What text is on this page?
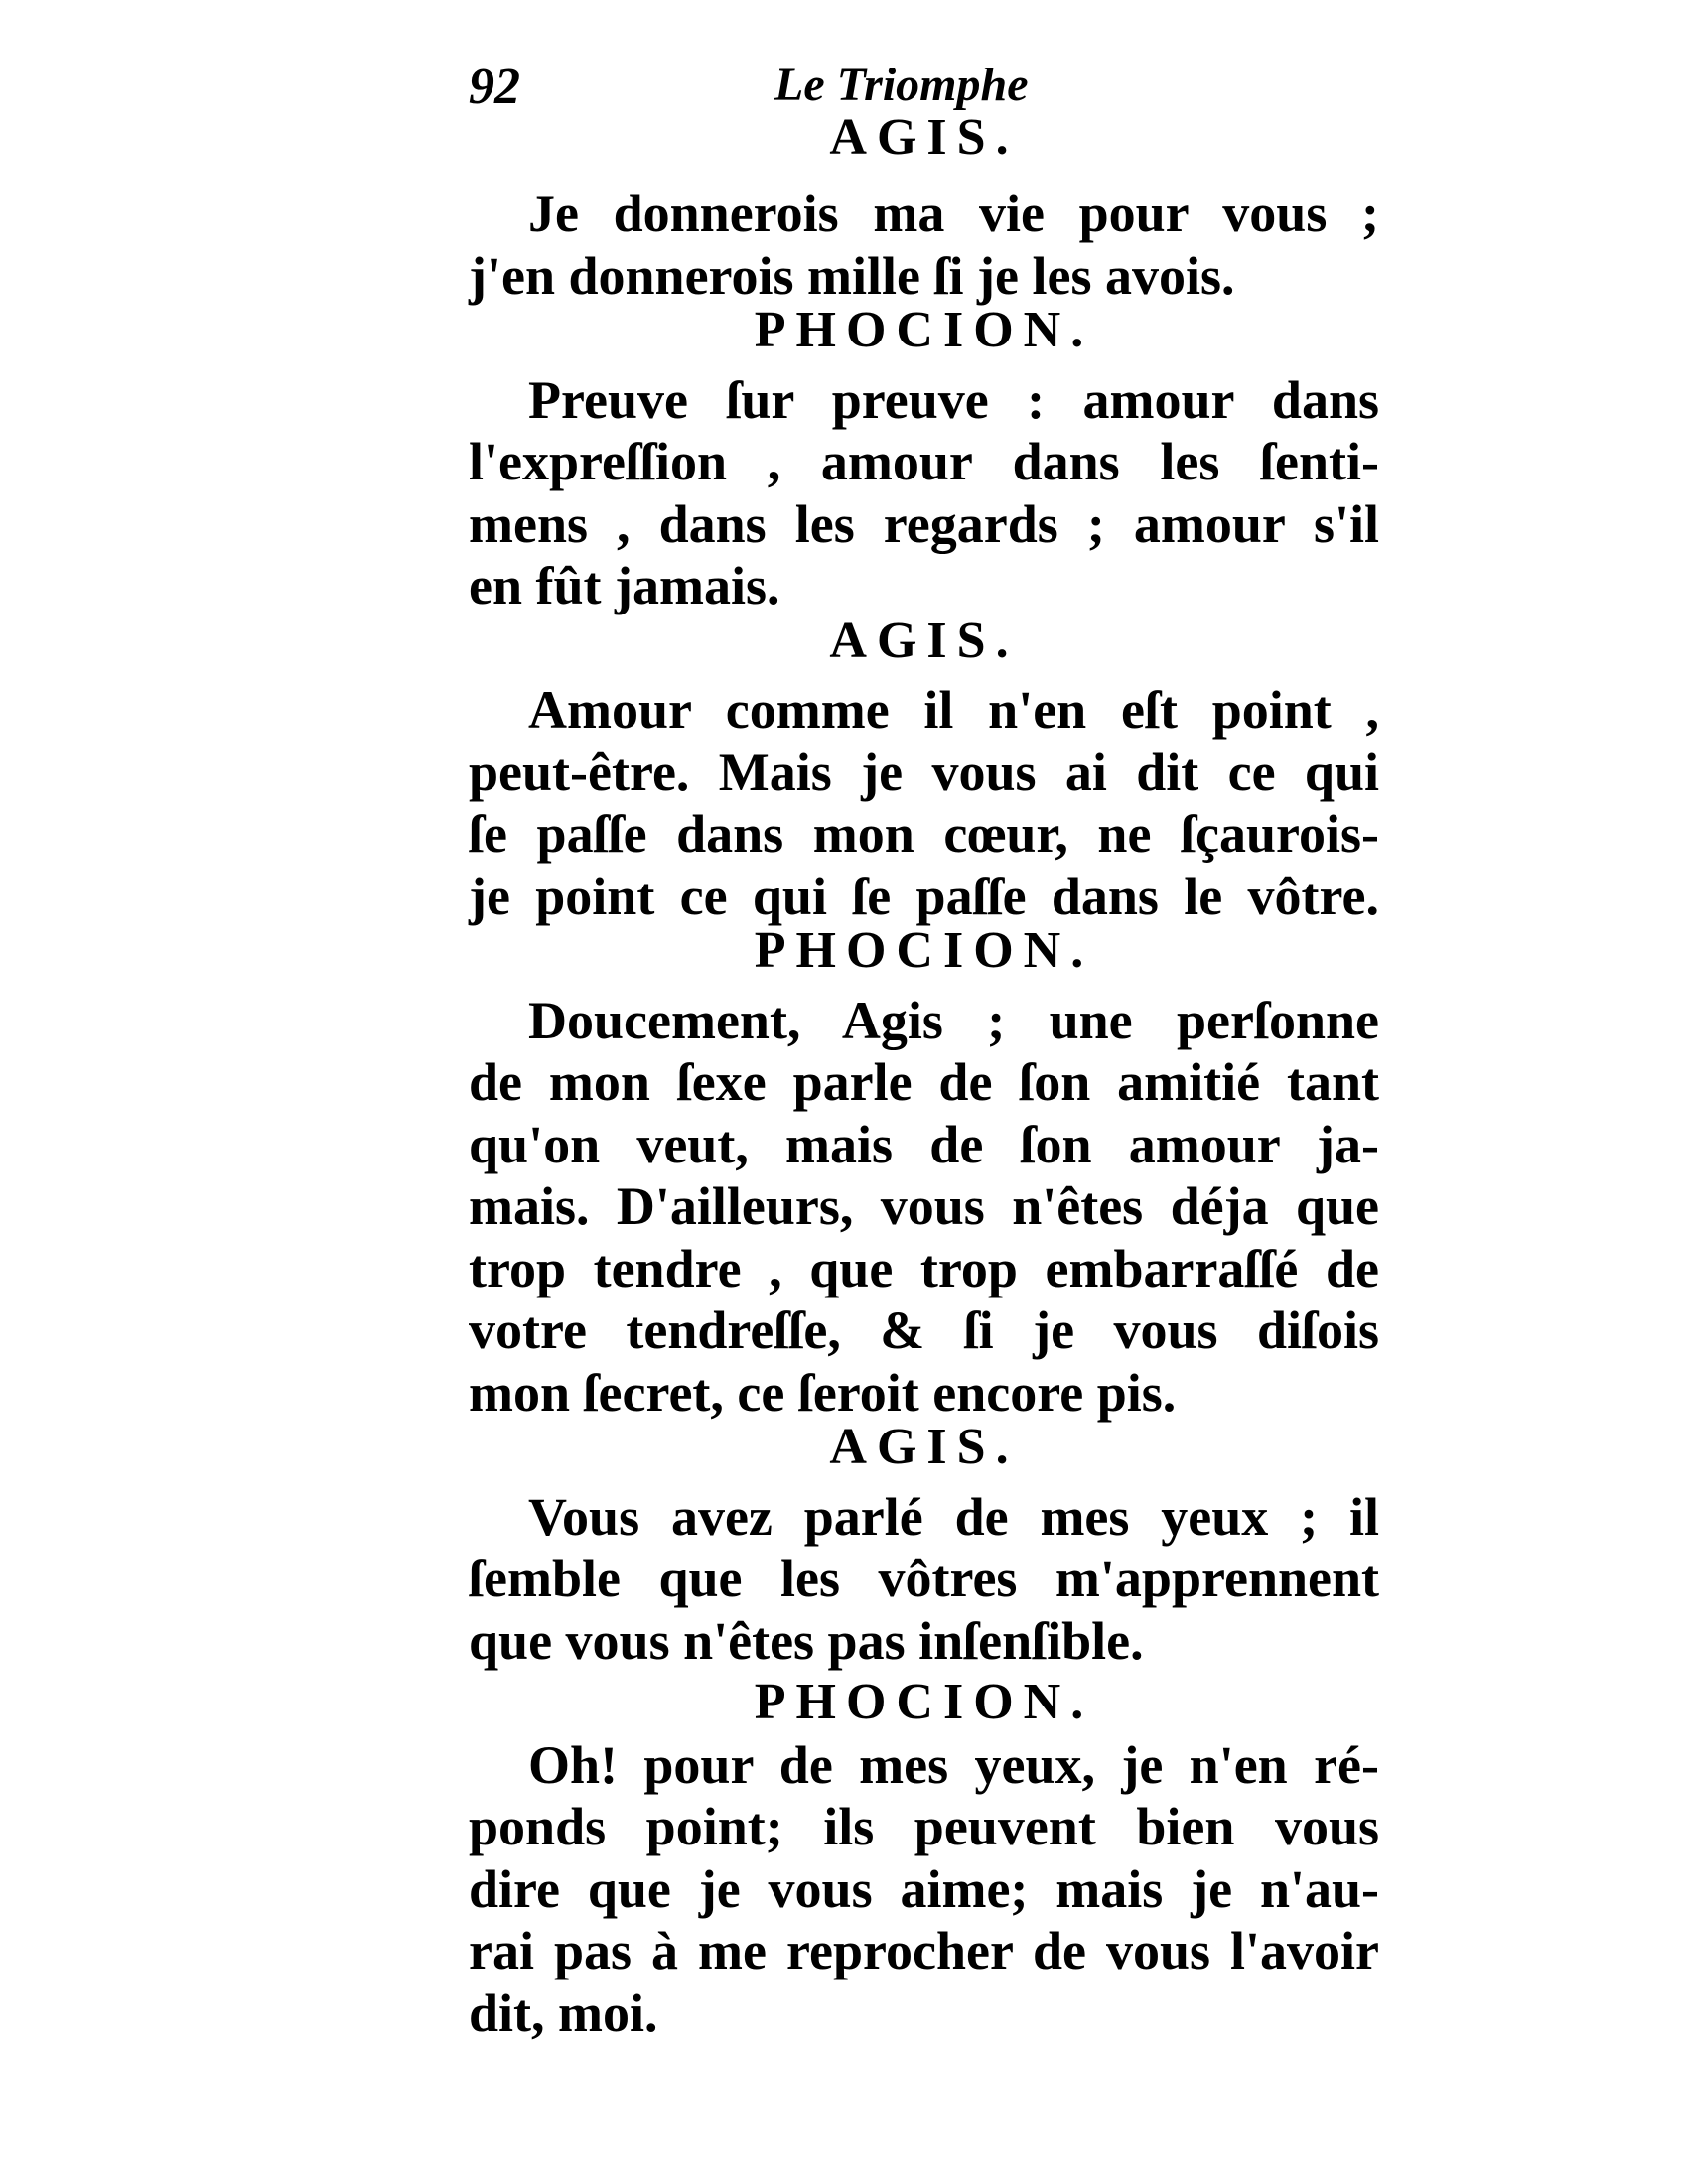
92	Le Triomphe
AGIS.
Je donnerois ma vie pour vous ;
j'en donnerois mille ſi je les avois.
PHOCION.
Preuve ſur preuve : amour dans
l'expreſſion , amour dans les ſenti-
mens , dans les regards ; amour s'il
en fût jamais.
AGIS.
Amour comme il n'en eſt point ,
peut-être. Mais je vous ai dit ce qui
ſe paſſe dans mon cœur, ne ſçaurois-
je point ce qui ſe paſſe dans le vôtre.
PHOCION.
Doucement, Agis ; une perſonne
de mon ſexe parle de ſon amitié tant
qu'on veut, mais de ſon amour ja-
mais. D'ailleurs, vous n'êtes déja que
trop tendre , que trop embarraſſé de
votre tendreſſe, & ſi je vous diſois
mon ſecret, ce ſeroit encore pis.
AGIS.
Vous avez parlé de mes yeux ; il
ſemble que les vôtres m'apprennent
que vous n'êtes pas inſenſible.
PHOCION.
Oh! pour de mes yeux, je n'en ré-
ponds point; ils peuvent bien vous
dire que je vous aime; mais je n'au-
rai pas à me reprocher de vous l'avoir
dit, moi.
